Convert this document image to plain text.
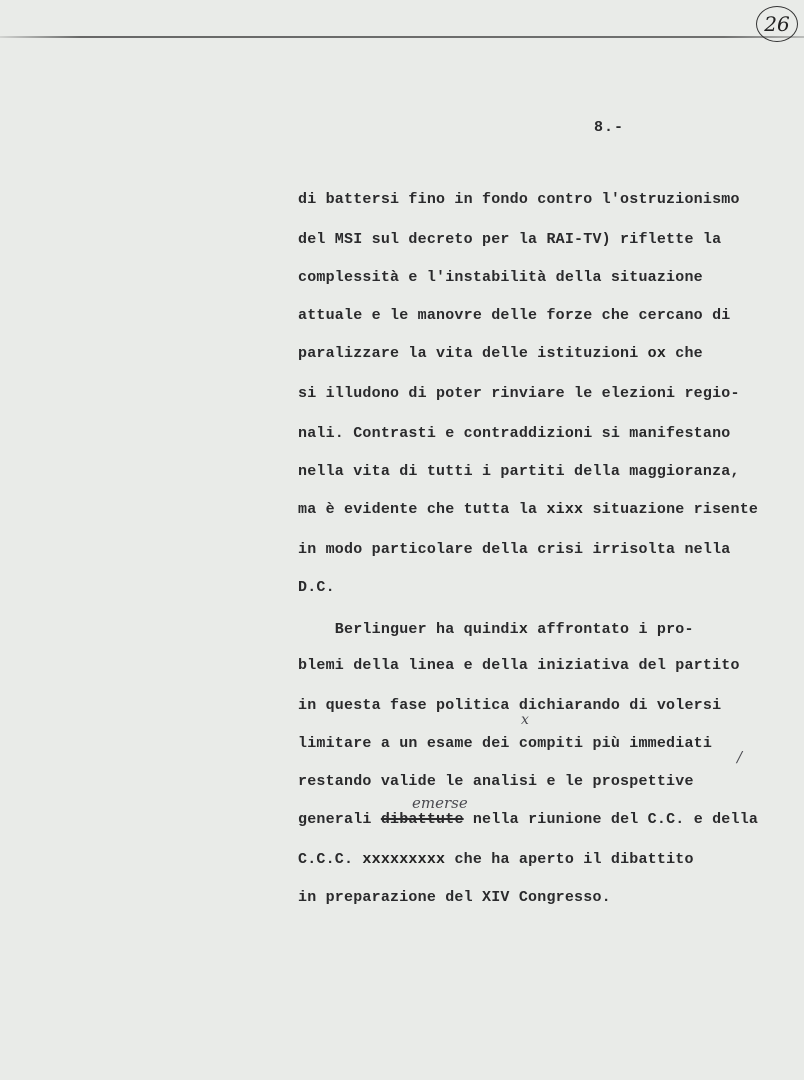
26
8.-
di battersi fino in fondo contro l'ostruzionismo
del MSI sul decreto per la RAI-TV) riflette la
complessità e l'instabilità della situazione
attuale e le manovre delle forze che cercano di
paralizzare la vita delle istituzioni ox che
si illudono di poter rinviare le elezioni regio-
nali. Contrasti e contraddizioni si manifestano
nella vita di tutti i partiti della maggioranza,
ma è evidente che tutta la xixx situazione risente
in modo particolare della crisi irrisolta nella
D.C.
Berlinguer ha quindix affrontato i pro-
blemi della linea e della iniziativa del partito
in questa fase politica dichiarando di volersi
limitare a un esame dei compiti più immediati
restando valide le analisi e le prospettive
generali dibattute nella riunione del C.C. e della
C.C.C. xxxxxxxxx che ha aperto il dibattito
in preparazione del XIV Congresso.
emerse
x
/
